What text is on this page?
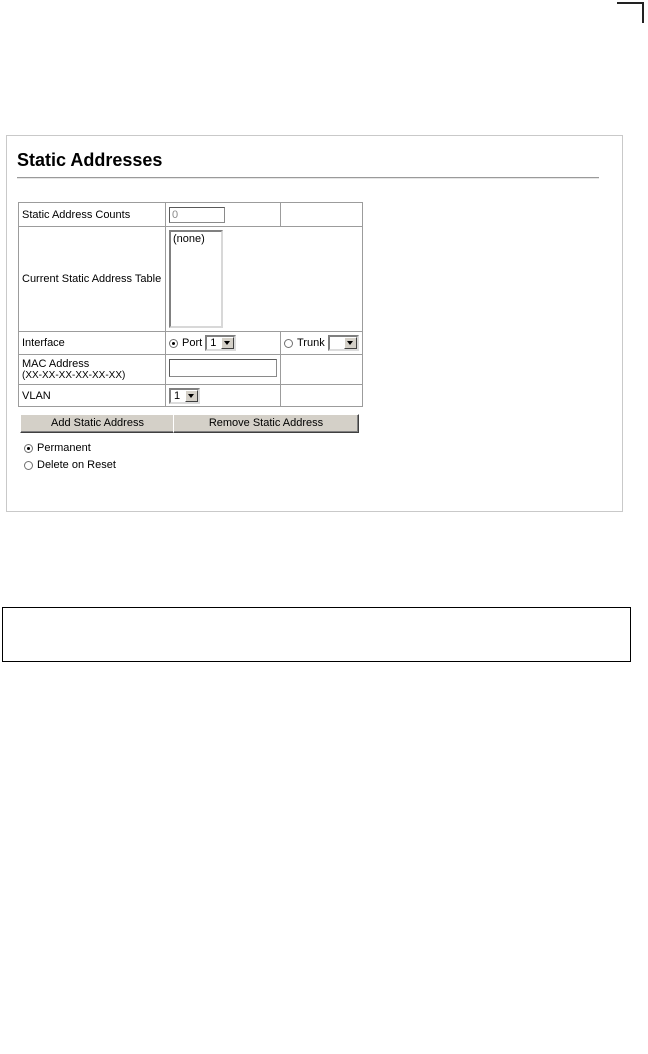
Static Addresses
Static Address Counts	0	
Current Static Address Table	(none)	

Interface	Port 1	Trunk

MAC Address
(XX-XX-XX-XX-XX-XX)		

VLAN	1	

Add Static Address	Remove Static Address
Permanent
Delete on Reset
